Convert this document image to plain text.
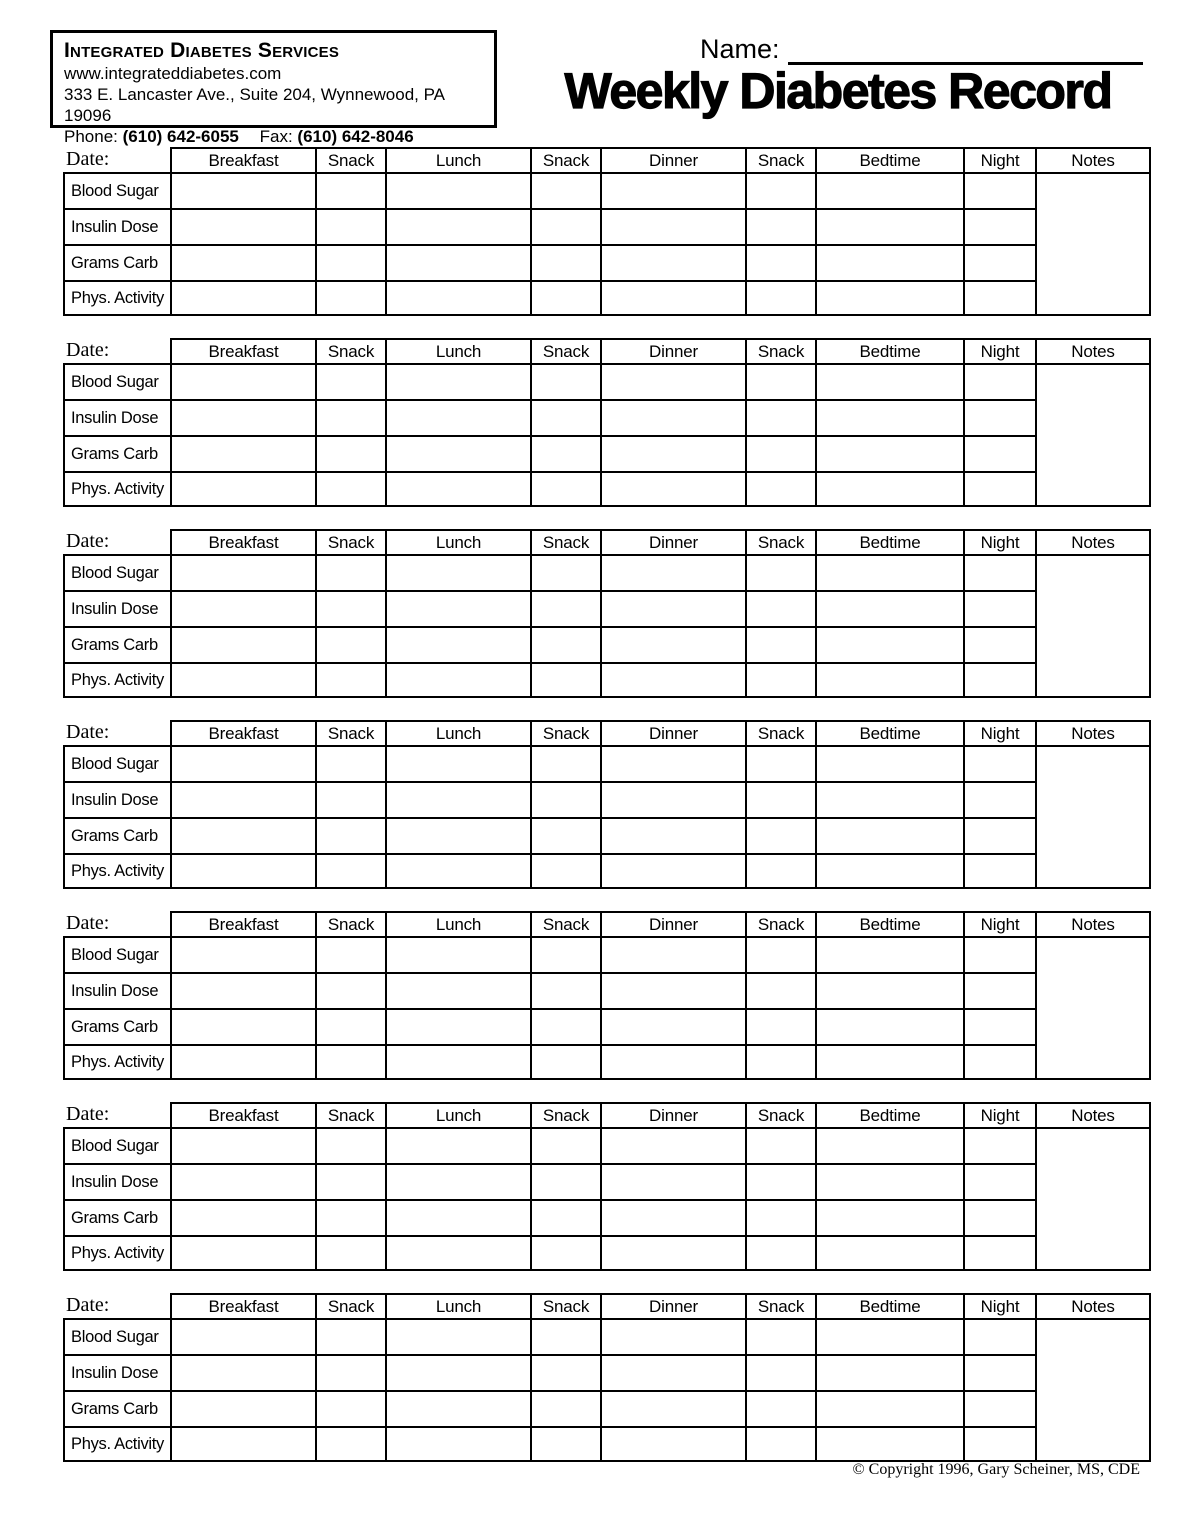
Integrated Diabetes Services
www.integrateddiabetes.com
333 E. Lancaster Ave., Suite 204, Wynnewood, PA 19096
Phone: (610) 642-6055 Fax: (610) 642-8046
Name:
Weekly Diabetes Record
Date:	Breakfast	Snack	Lunch	Snack	Dinner	Snack	Bedtime	Night	Notes
Blood Sugar
Insulin Dose
Grams Carb
Phys. Activity
Date:	Breakfast	Snack	Lunch	Snack	Dinner	Snack	Bedtime	Night	Notes
Blood Sugar
Insulin Dose
Grams Carb
Phys. Activity
Date:	Breakfast	Snack	Lunch	Snack	Dinner	Snack	Bedtime	Night	Notes
Blood Sugar
Insulin Dose
Grams Carb
Phys. Activity
Date:	Breakfast	Snack	Lunch	Snack	Dinner	Snack	Bedtime	Night	Notes
Blood Sugar
Insulin Dose
Grams Carb
Phys. Activity
Date:	Breakfast	Snack	Lunch	Snack	Dinner	Snack	Bedtime	Night	Notes
Blood Sugar
Insulin Dose
Grams Carb
Phys. Activity
Date:	Breakfast	Snack	Lunch	Snack	Dinner	Snack	Bedtime	Night	Notes
Blood Sugar
Insulin Dose
Grams Carb
Phys. Activity
Date:	Breakfast	Snack	Lunch	Snack	Dinner	Snack	Bedtime	Night	Notes
Blood Sugar
Insulin Dose
Grams Carb
Phys. Activity
© Copyright 1996, Gary Scheiner, MS, CDE
